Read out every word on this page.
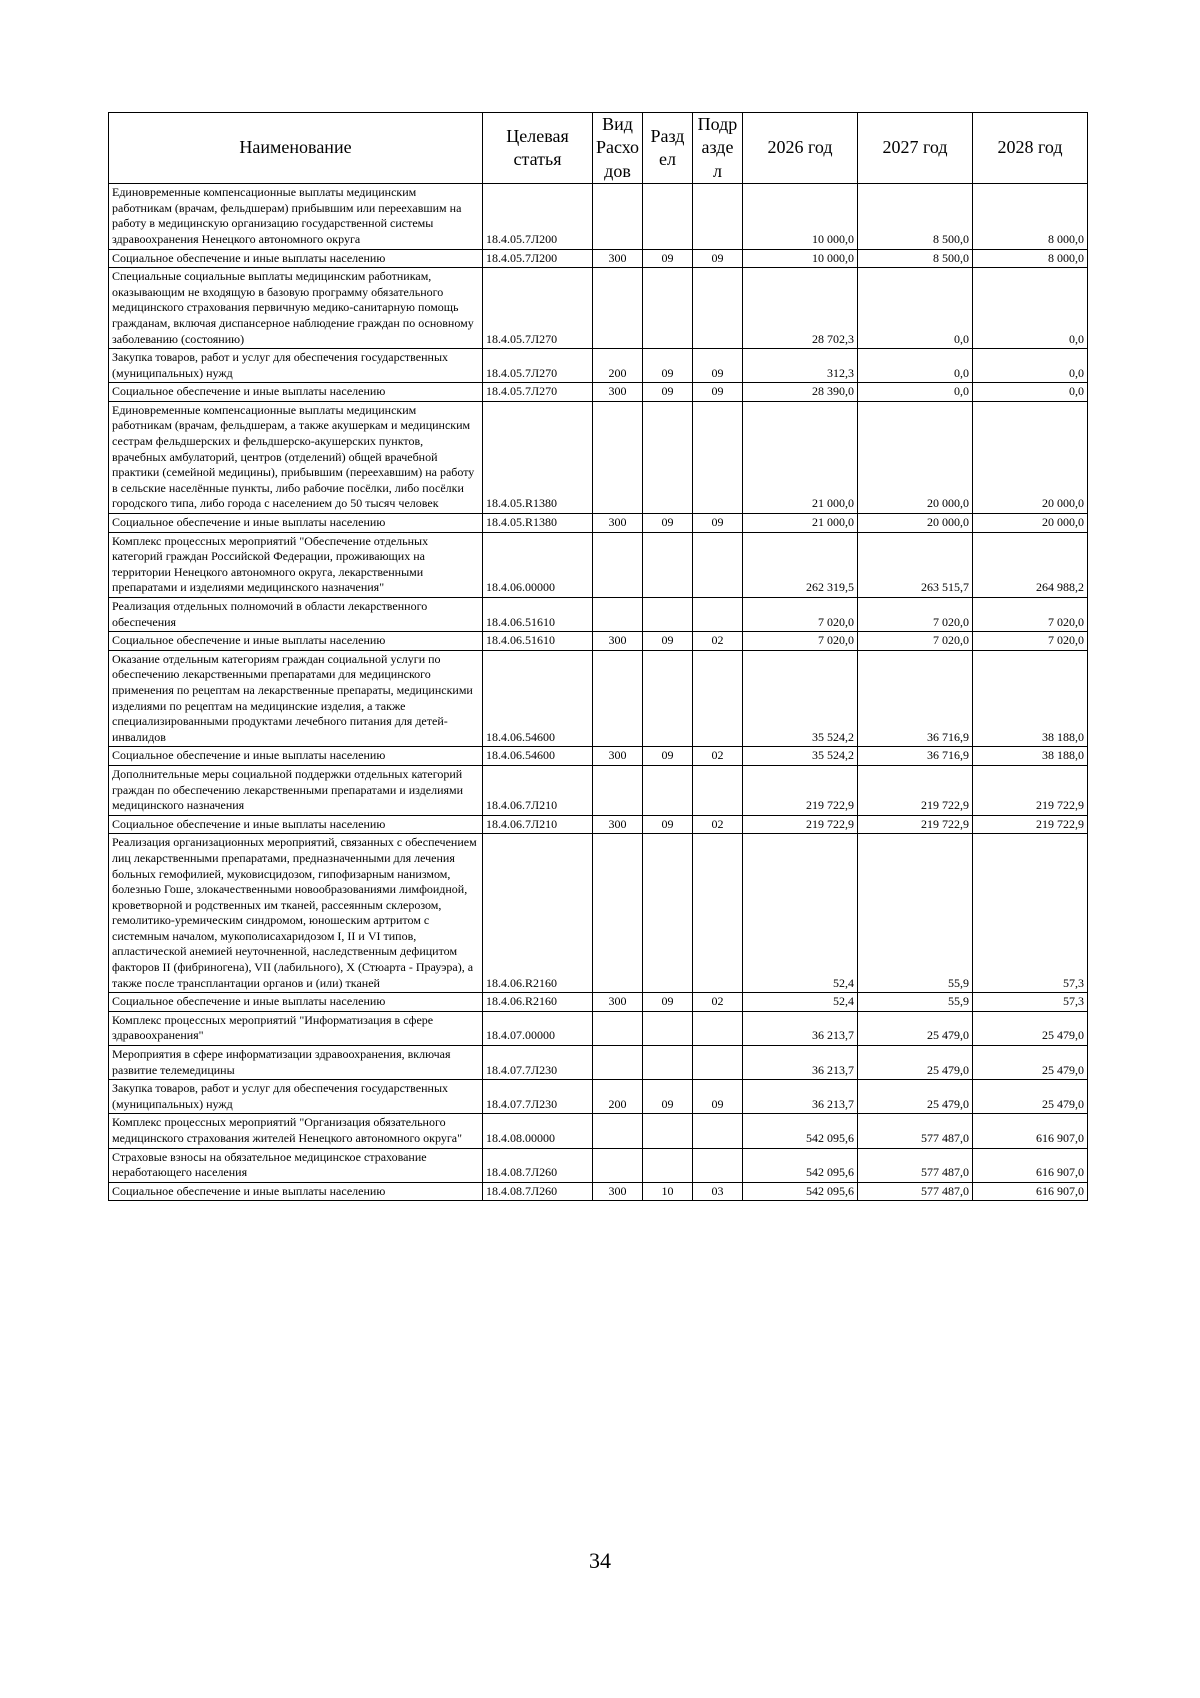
Наименование	Целевая статья	Вид Расхо дов	Разд ел	Подр азде л	2026 год	2027 год	2028 год
Единовременные компенсационные выплаты медицинским работникам (врачам, фельдшерам) прибывшим или переехавшим на работу в медицинскую организацию государственной системы здравоохранения Ненецкого автономного округа	18.4.05.7Л200				10 000,0	8 500,0	8 000,0
Социальное обеспечение и иные выплаты населению	18.4.05.7Л200	300	09	09	10 000,0	8 500,0	8 000,0
Специальные социальные выплаты медицинским работникам, оказывающим не входящую в базовую программу обязательного медицинского страхования первичную медико-санитарную помощь гражданам, включая диспансерное наблюдение граждан по основному заболеванию (состоянию)	18.4.05.7Л270				28 702,3	0,0	0,0
Закупка товаров, работ и услуг для обеспечения государственных (муниципальных) нужд	18.4.05.7Л270	200	09	09	312,3	0,0	0,0
Социальное обеспечение и иные выплаты населению	18.4.05.7Л270	300	09	09	28 390,0	0,0	0,0
Единовременные компенсационные выплаты медицинским работникам (врачам, фельдшерам, а также акушеркам и медицинским сестрам фельдшерских и фельдшерско-акушерских пунктов, врачебных амбулаторий, центров (отделений) общей врачебной практики (семейной медицины), прибывшим (переехавшим) на работу в сельские населённые пункты, либо рабочие посёлки, либо посёлки городского типа, либо города с населением до 50 тысяч человек	18.4.05.R1380				21 000,0	20 000,0	20 000,0
Социальное обеспечение и иные выплаты населению	18.4.05.R1380	300	09	09	21 000,0	20 000,0	20 000,0
Комплекс процессных мероприятий "Обеспечение отдельных категорий граждан Российской Федерации, проживающих на территории Ненецкого автономного округа, лекарственными препаратами и изделиями медицинского назначения"	18.4.06.00000				262 319,5	263 515,7	264 988,2
Реализация отдельных полномочий в области лекарственного обеспечения	18.4.06.51610				7 020,0	7 020,0	7 020,0
Социальное обеспечение и иные выплаты населению	18.4.06.51610	300	09	02	7 020,0	7 020,0	7 020,0
Оказание отдельным категориям граждан социальной услуги по обеспечению лекарственными препаратами для медицинского применения по рецептам на лекарственные препараты, медицинскими изделиями по рецептам на медицинские изделия, а также специализированными продуктами лечебного питания для детей-инвалидов	18.4.06.54600				35 524,2	36 716,9	38 188,0
Социальное обеспечение и иные выплаты населению	18.4.06.54600	300	09	02	35 524,2	36 716,9	38 188,0
Дополнительные меры социальной поддержки отдельных категорий граждан по обеспечению лекарственными препаратами и изделиями медицинского назначения	18.4.06.7Л210				219 722,9	219 722,9	219 722,9
Социальное обеспечение и иные выплаты населению	18.4.06.7Л210	300	09	02	219 722,9	219 722,9	219 722,9
Реализация организационных мероприятий, связанных с обеспечением лиц лекарственными препаратами, предназначенными для лечения больных гемофилией, муковисцидозом, гипофизарным нанизмом, болезнью Гоше, злокачественными новообразованиями лимфоидной, кроветворной и родственных им тканей, рассеянным склерозом, гемолитико-уремическим синдромом, юношеским артритом с системным началом, мукополисахаридозом I, II и VI типов, апластической анемией неуточненной, наследственным дефицитом факторов II (фибриногена), VII (лабильного), X (Стюарта - Прауэра), а также после трансплантации органов и (или) тканей	18.4.06.R2160				52,4	55,9	57,3
Социальное обеспечение и иные выплаты населению	18.4.06.R2160	300	09	02	52,4	55,9	57,3
Комплекс процессных мероприятий "Информатизация в сфере здравоохранения"	18.4.07.00000				36 213,7	25 479,0	25 479,0
Мероприятия в сфере информатизации здравоохранения, включая развитие телемедицины	18.4.07.7Л230				36 213,7	25 479,0	25 479,0
Закупка товаров, работ и услуг для обеспечения государственных (муниципальных) нужд	18.4.07.7Л230	200	09	09	36 213,7	25 479,0	25 479,0
Комплекс процессных мероприятий "Организация обязательного медицинского страхования жителей Ненецкого автономного округа"	18.4.08.00000				542 095,6	577 487,0	616 907,0
Страховые взносы на обязательное медицинское страхование неработающего населения	18.4.08.7Л260				542 095,6	577 487,0	616 907,0
Социальное обеспечение и иные выплаты населению	18.4.08.7Л260	300	10	03	542 095,6	577 487,0	616 907,0
34
